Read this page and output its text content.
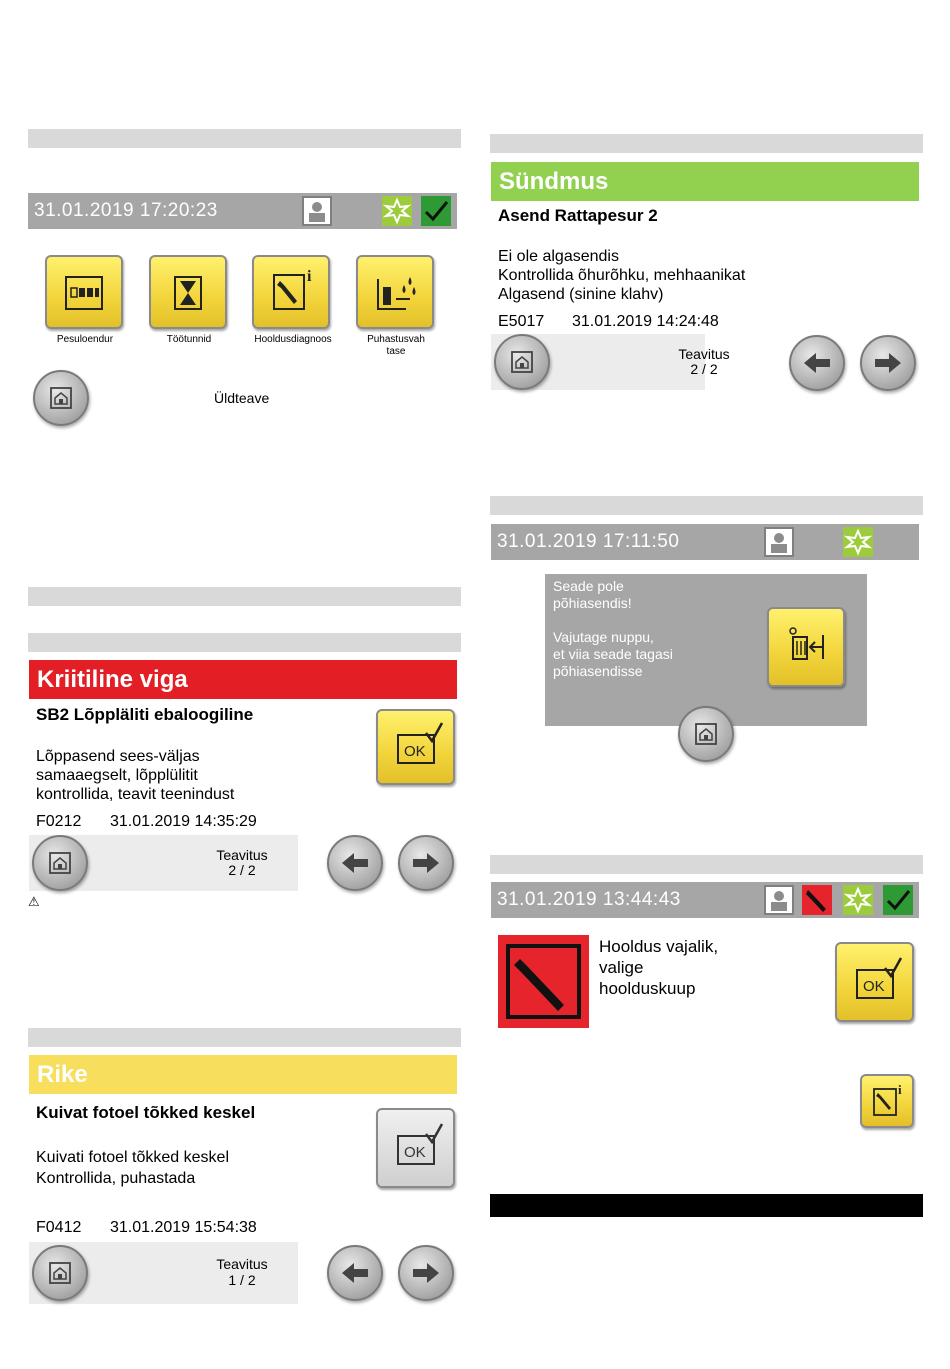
31.01.2019 17:20:23
Pesuloendur	Töötunnid
i
Hooldusdiagnoos	Puhastusvah
tase
Üldteave
Sündmus
Asend Rattapesur 2
Ei ole algasendis
Kontrollida õhurõhku, mehhaanikat
Algasend (sinine klahv)
E5017 31.01.2019 14:24:48
Teavitus
2 / 2
31.01.2019 17:11:50
Seade pole
põhiasendis!
Vajutage nuppu,
et viia seade tagasi
põhiasendisse
Kriitiline viga
SB2 Lõppläliti ebaloogiline
Lõppasend sees-väljas
samaaegselt, lõpplülitit
kontrollida, teavit teenindust
F0212 31.01.2019 14:35:29
OK
Teavitus
2 / 2
⚠	31.01.2019 13:44:43
Hooldus vajalik,
valige
hoolduskuup	OK
i
Rike
Kuivat fotoel tõkked keskel
Kuivati fotoel tõkked keskel
Kontrollida, puhastada
F0412 31.01.2019 15:54:38
OK
Teavitus
1 / 2
